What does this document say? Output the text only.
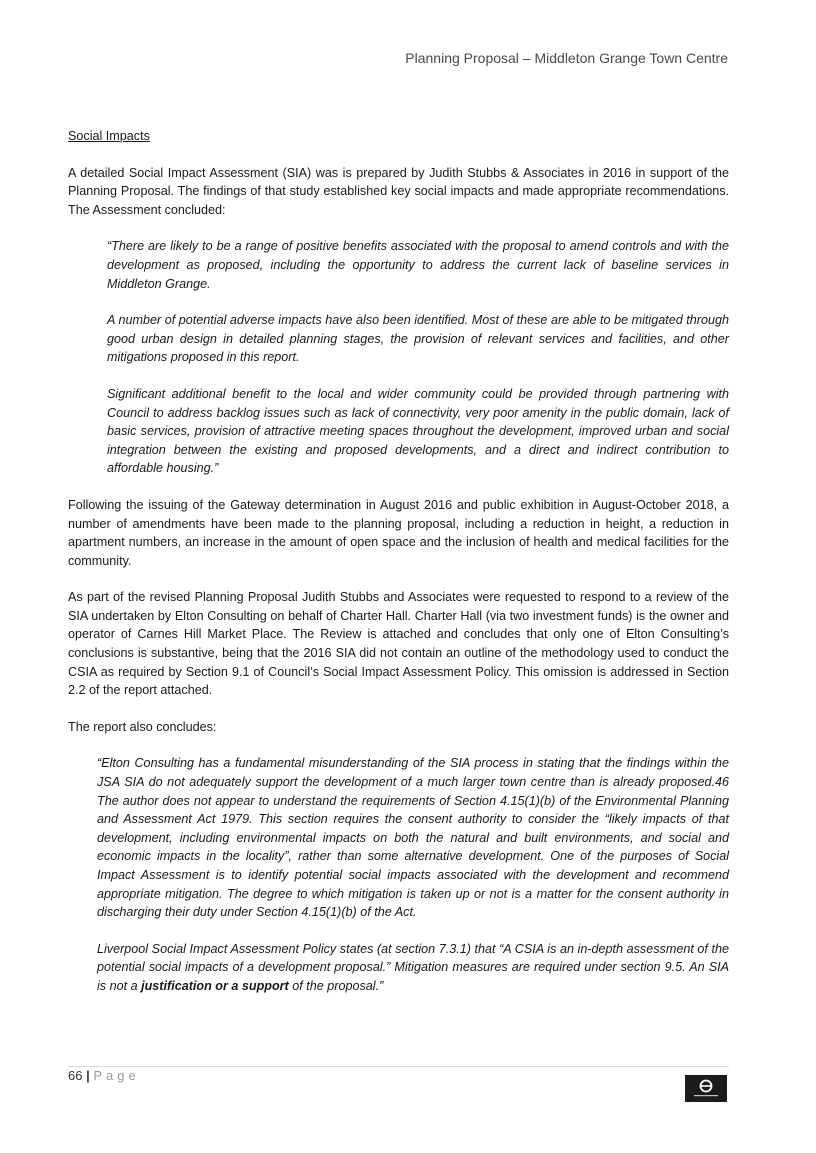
Planning Proposal – Middleton Grange Town Centre

Social Impacts

A detailed Social Impact Assessment (SIA) was is prepared by Judith Stubbs & Associates in 2016 in support of the Planning Proposal. The findings of that study established key social impacts and made appropriate recommendations. The Assessment concluded:

“There are likely to be a range of positive benefits associated with the proposal to amend controls and with the development as proposed, including the opportunity to address the current lack of baseline services in Middleton Grange.

A number of potential adverse impacts have also been identified. Most of these are able to be mitigated through good urban design in detailed planning stages, the provision of relevant services and facilities, and other mitigations proposed in this report.

Significant additional benefit to the local and wider community could be provided through partnering with Council to address backlog issues such as lack of connectivity, very poor amenity in the public domain, lack of basic services, provision of attractive meeting spaces throughout the development, improved urban and social integration between the existing and proposed developments, and a direct and indirect contribution to affordable housing.”

Following the issuing of the Gateway determination in August 2016 and public exhibition in August-October 2018, a number of amendments have been made to the planning proposal, including a reduction in height, a reduction in apartment numbers, an increase in the amount of open space and the inclusion of health and medical facilities for the community.

As part of the revised Planning Proposal Judith Stubbs and Associates were requested to respond to a review of the SIA undertaken by Elton Consulting on behalf of Charter Hall. Charter Hall (via two investment funds) is the owner and operator of Carnes Hill Market Place. The Review is attached and concludes that only one of Elton Consulting’s conclusions is substantive, being that the 2016 SIA did not contain an outline of the methodology used to conduct the CSIA as required by Section 9.1 of Council’s Social Impact Assessment Policy. This omission is addressed in Section 2.2 of the report attached.

The report also concludes:

“Elton Consulting has a fundamental misunderstanding of the SIA process in stating that the findings within the JSA SIA do not adequately support the development of a much larger town centre than is already proposed.46 The author does not appear to understand the requirements of Section 4.15(1)(b) of the Environmental Planning and Assessment Act 1979. This section requires the consent authority to consider the “likely impacts of that development, including environmental impacts on both the natural and built environments, and social and economic impacts in the locality”, rather than some alternative development. One of the purposes of Social Impact Assessment is to identify potential social impacts associated with the development and recommend appropriate mitigation. The degree to which mitigation is taken up or not is a matter for the consent authority in discharging their duty under Section 4.15(1)(b) of the Act.

Liverpool Social Impact Assessment Policy states (at section 7.3.1) that “A CSIA is an in-depth assessment of the potential social impacts of a development proposal.” Mitigation measures are required under section 9.5. An SIA is not a justification or a support of the proposal.”

66 | Page
